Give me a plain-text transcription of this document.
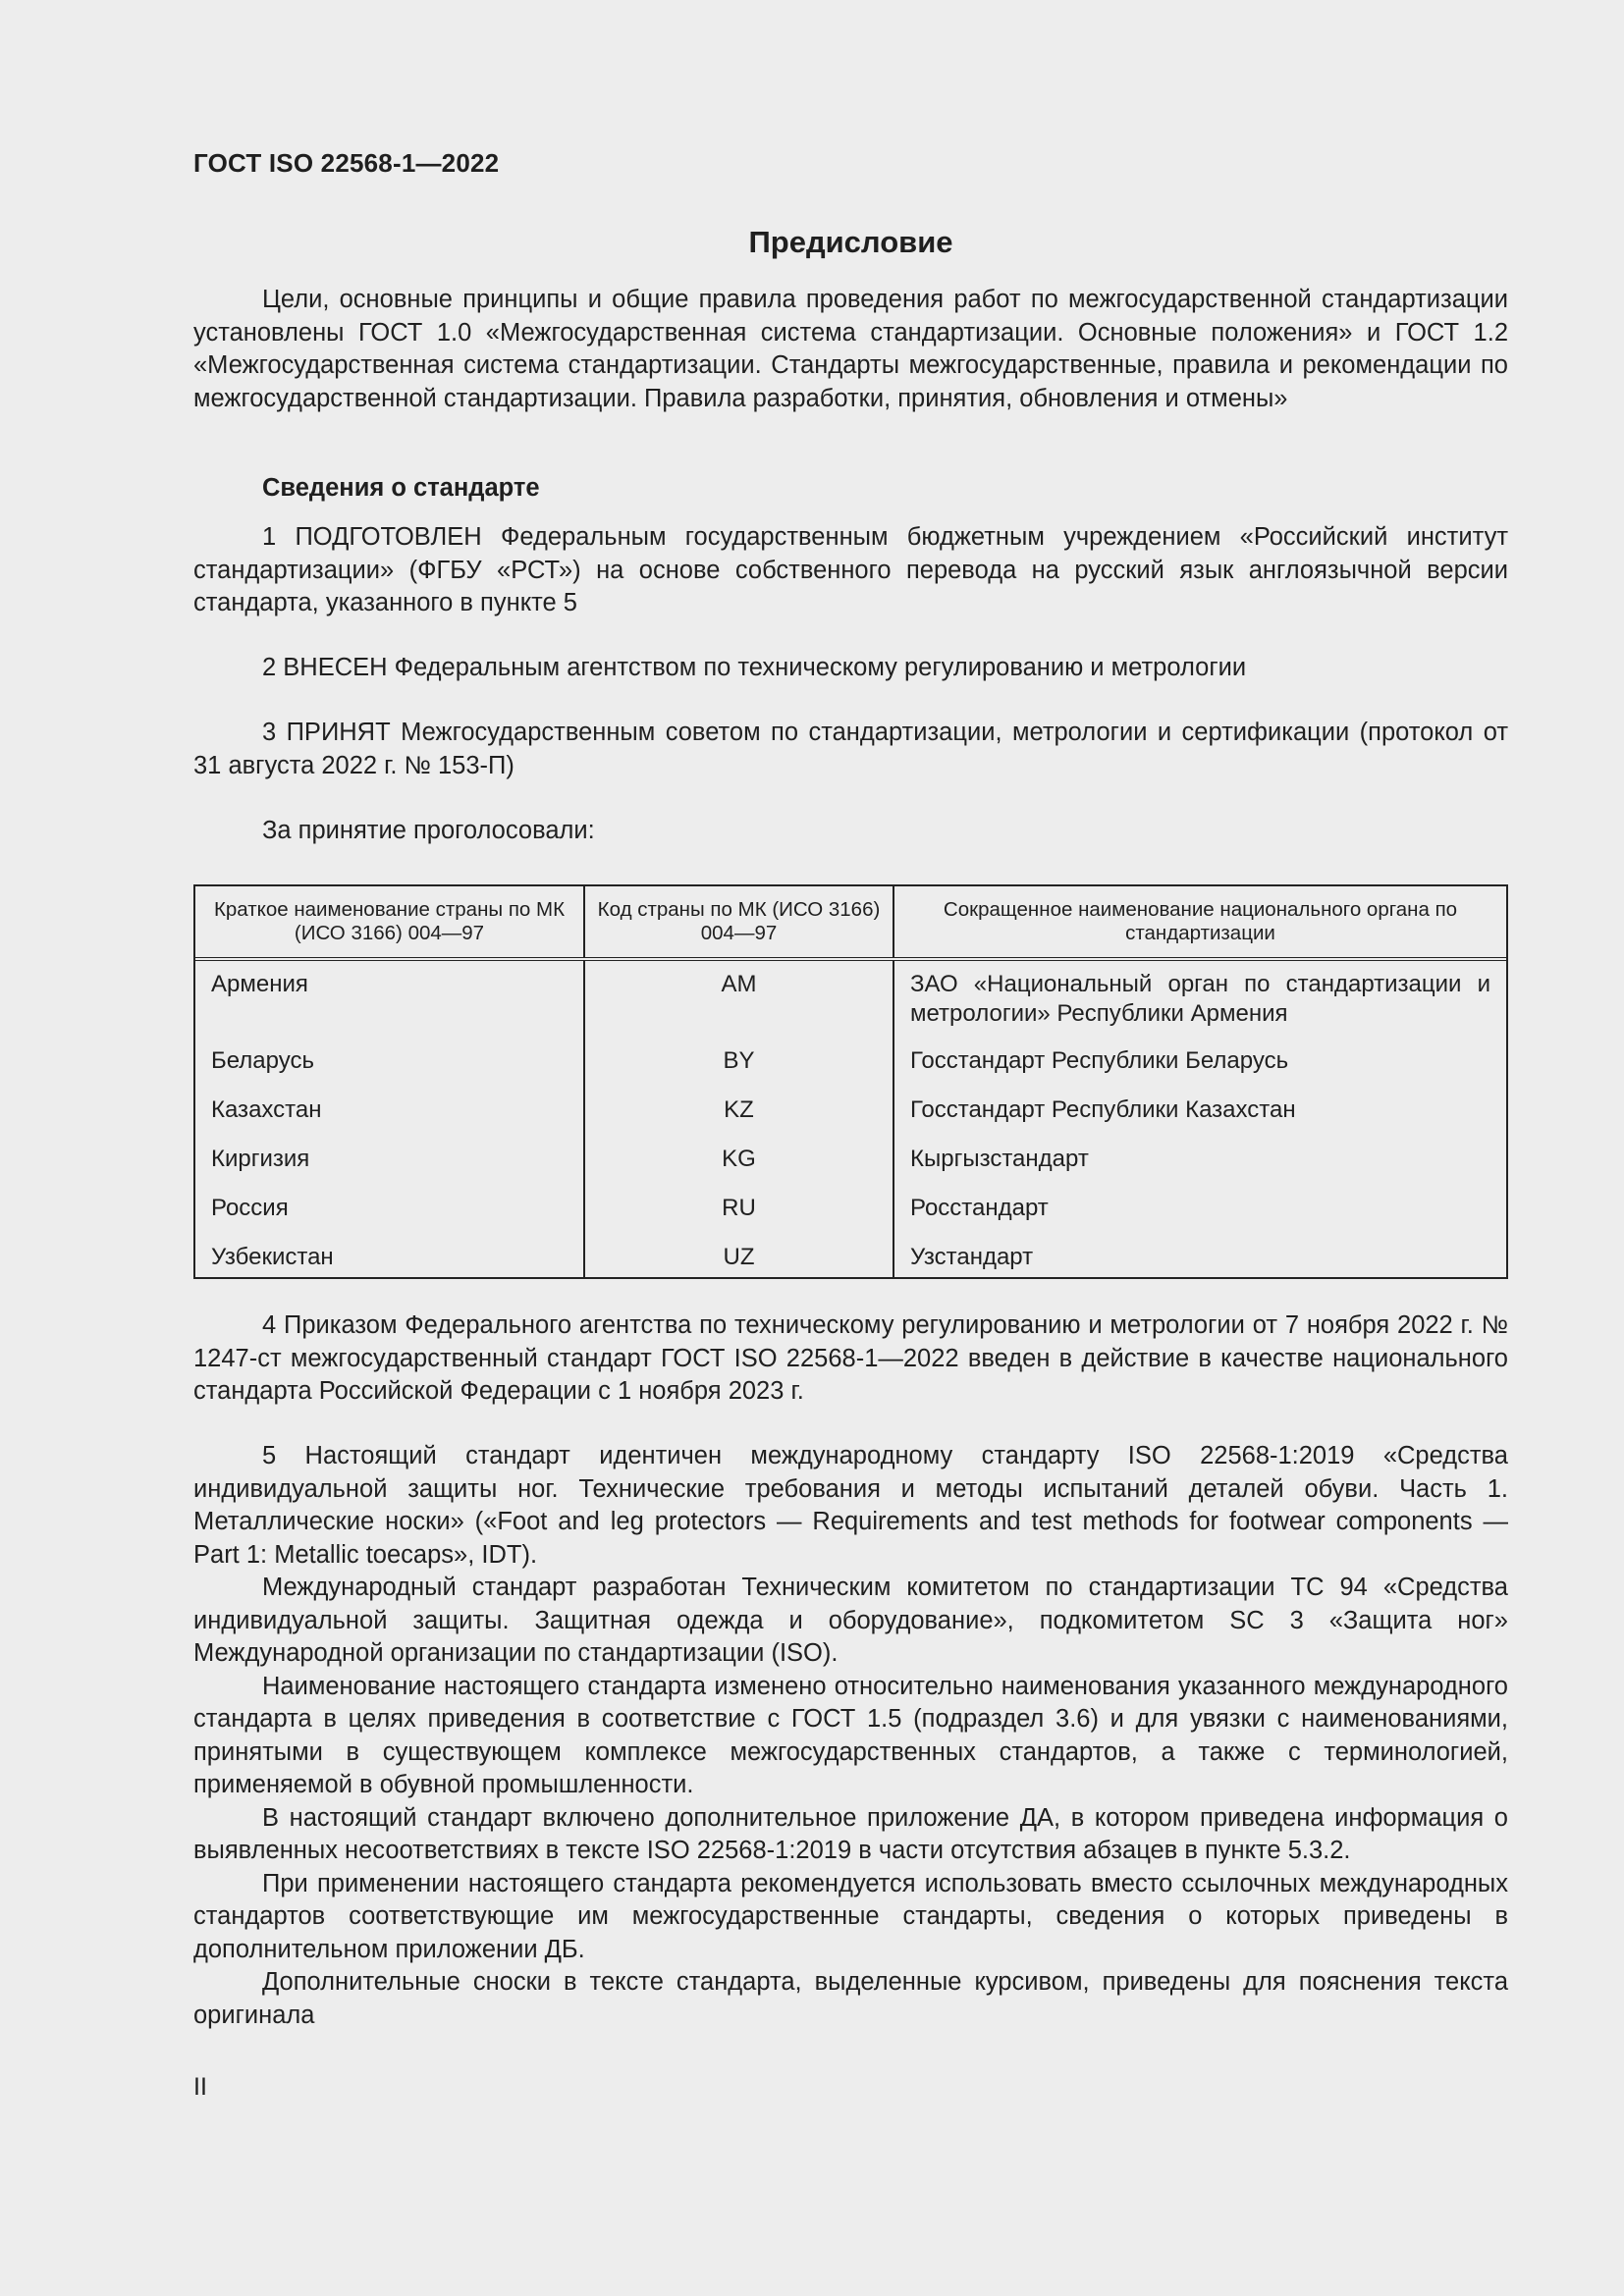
ГОСТ ISO 22568-1—2022
Предисловие

Цели, основные принципы и общие правила проведения работ по межгосударственной стандартизации установлены ГОСТ 1.0 «Межгосударственная система стандартизации. Основные положения» и ГОСТ 1.2 «Межгосударственная система стандартизации. Стандарты межгосударственные, правила и рекомендации по межгосударственной стандартизации. Правила разработки, принятия, обновления и отмены»

Сведения о стандарте

1 ПОДГОТОВЛЕН Федеральным государственным бюджетным учреждением «Российский институт стандартизации» (ФГБУ «РСТ») на основе собственного перевода на русский язык англоязычной версии стандарта, указанного в пункте 5

2 ВНЕСЕН Федеральным агентством по техническому регулированию и метрологии

3 ПРИНЯТ Межгосударственным советом по стандартизации, метрологии и сертификации (протокол от 31 августа 2022 г. № 153-П)

За принятие проголосовали:

Краткое наименование страны по МК (ИСО 3166) 004—97	Код страны по МК (ИСО 3166) 004—97	Сокращенное наименование национального органа по стандартизации
Армения	AM	ЗАО «Национальный орган по стандартизации и метрологии» Республики Армения
Беларусь	BY	Госстандарт Республики Беларусь
Казахстан	KZ	Госстандарт Республики Казахстан
Киргизия	KG	Кыргызстандарт
Россия	RU	Росстандарт
Узбекистан	UZ	Узстандарт

4 Приказом Федерального агентства по техническому регулированию и метрологии от 7 ноября 2022 г. № 1247-ст межгосударственный стандарт ГОСТ ISO 22568-1—2022 введен в действие в качестве национального стандарта Российской Федерации с 1 ноября 2023 г.

5 Настоящий стандарт идентичен международному стандарту ISO 22568-1:2019 «Средства индивидуальной защиты ног. Технические требования и методы испытаний деталей обуви. Часть 1. Металлические носки» («Foot and leg protectors — Requirements and test methods for footwear components — Part 1: Metallic toecaps», IDT).

Международный стандарт разработан Техническим комитетом по стандартизации TC 94 «Средства индивидуальной защиты. Защитная одежда и оборудование», подкомитетом SC 3 «Защита ног» Международной организации по стандартизации (ISO).

Наименование настоящего стандарта изменено относительно наименования указанного международного стандарта в целях приведения в соответствие с ГОСТ 1.5 (подраздел 3.6) и для увязки с наименованиями, принятыми в существующем комплексе межгосударственных стандартов, а также с терминологией, применяемой в обувной промышленности.

В настоящий стандарт включено дополнительное приложение ДА, в котором приведена информация о выявленных несоответствиях в тексте ISO 22568-1:2019 в части отсутствия абзацев в пункте 5.3.2.

При применении настоящего стандарта рекомендуется использовать вместо ссылочных международных стандартов соответствующие им межгосударственные стандарты, сведения о которых приведены в дополнительном приложении ДБ.

Дополнительные сноски в тексте стандарта, выделенные курсивом, приведены для пояснения текста оригинала

II
